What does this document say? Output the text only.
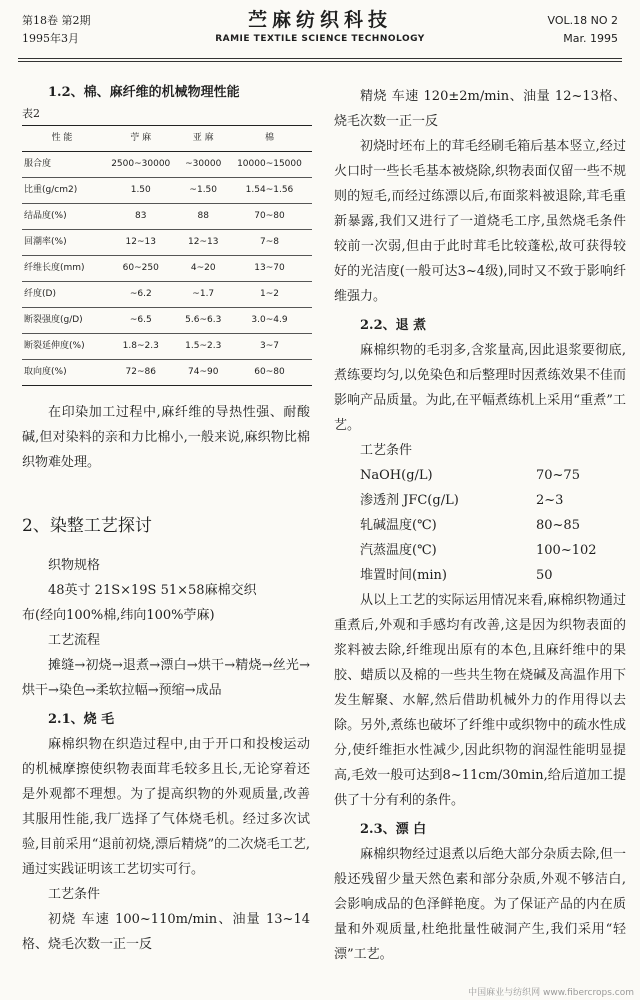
第18卷 第2期
1995年3月
苎麻纺织科技
RAMIE TEXTILE SCIENCE TECHNOLOGY
VOL.18 NO 2
Mar. 1995
1.2、棉、麻纤维的机械物理性能
表2
性 能	苧 麻	亚 麻	棉
服合度	2500~30000	~30000	10000~15000
比重(g/cm2)	1.50	~1.50	1.54~1.56
结晶度(%)	83	88	70~80
回潮率(%)	12~13	12~13	7~8
纤维长度(mm)	60~250	4~20	13~70
纤度(D)	~6.2	~1.7	1~2
断裂强度(g/D)	~6.5	5.6~6.3	3.0~4.9
断裂延伸度(%)	1.8~2.3	1.5~2.3	3~7
取向度(%)	72~86	74~90	60~80
在印染加工过程中,麻纤维的导热性强、耐酸碱,但对染料的亲和力比棉小,一般来说,麻织物比棉织物难处理。
2、染整工艺探讨
织物规格
48英寸 21S×19S 51×58麻棉交织
布(经向100%棉,纬向100%苧麻)
工艺流程
摊缝→初烧→退煮→漂白→烘干→精烧→丝光→烘干→染色→柔软拉幅→预缩→成品
2.1、烧 毛
麻棉织物在织造过程中,由于开口和投梭运动的机械摩擦使织物表面茸毛较多且长,无论穿着还是外观都不理想。为了提高织物的外观质量,改善其服用性能,我厂选择了气体烧毛机。经过多次试验,目前采用“退前初烧,漂后精烧”的二次烧毛工艺,通过实践证明该工艺切实可行。
工艺条件
初烧 车速 100~110m/min、油量 13~14格、烧毛次数一正一反
精烧 车速 120±2m/min、油量 12~13格、烧毛次数一正一反
初烧时坯布上的茸毛经刷毛箱后基本竖立,经过火口时一些长毛基本被烧除,织物表面仅留一些不规则的短毛,而经过练漂以后,布面浆料被退除,茸毛重新暴露,我们又进行了一道烧毛工序,虽然烧毛条件较前一次弱,但由于此时茸毛比较蓬松,故可获得较好的光洁度(一般可达3~4级),同时又不致于影响纤维强力。
2.2、退 煮
麻棉织物的毛羽多,含浆量高,因此退浆要彻底,煮练要均匀,以免染色和后整理时因煮练效果不佳而影响产品质量。为此,在平幅煮练机上采用“重煮”工艺。
工艺条件
NaOH(g/L)	70~75
渗透剂 JFC(g/L)	2~3
轧碱温度(℃)	80~85
汽蒸温度(℃)	100~102
堆置时间(min)	50
从以上工艺的实际运用情况来看,麻棉织物通过重煮后,外观和手感均有改善,这是因为织物表面的浆料被去除,纤维现出原有的本色,且麻纤维中的果胶、蜡质以及棉的一些共生物在烧碱及高温作用下发生解聚、水解,然后借助机械外力的作用得以去除。另外,煮练也破坏了纤维中或织物中的疏水性成分,使纤维拒水性减少,因此织物的润湿性能明显提高,毛效一般可达到8~11cm/30min,给后道加工提供了十分有利的条件。
2.3、漂 白
麻棉织物经过退煮以后绝大部分杂质去除,但一般还残留少量天然色素和部分杂质,外观不够洁白,会影响成品的色泽鲜艳度。为了保证产品的内在质量和外观质量,杜绝批量性破洞产生,我们采用“轻漂”工艺。
中国麻业与纺织网 www.fibercrops.com
